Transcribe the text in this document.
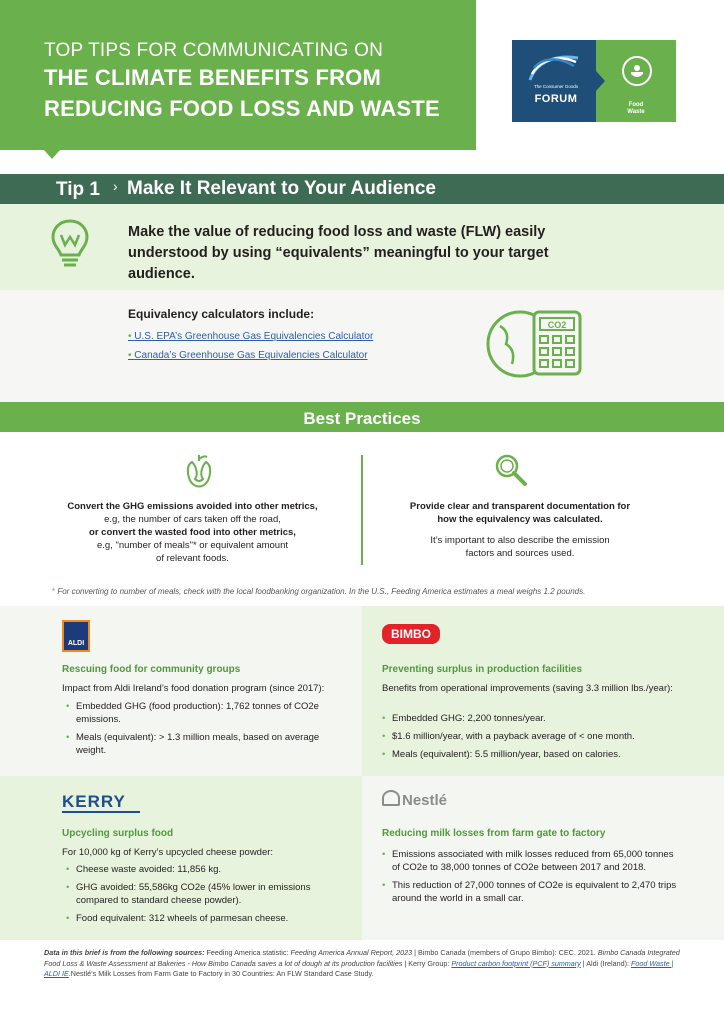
TOP TIPS FOR COMMUNICATING ON
THE CLIMATE BENEFITS FROM
REDUCING FOOD LOSS AND WASTE
The Consumer Goods
FORUM	Food Waste
Tip 1 › Make It Relevant to Your Audience
Make the value of reducing food loss and waste (FLW) easily understood by using “equivalents” meaningful to your target audience.
CO2
Equivalency calculators include:
• U.S. EPA’s Greenhouse Gas Equivalencies Calculator
• Canada’s Greenhouse Gas Equivalencies Calculator
Best Practices
Convert the GHG emissions avoided into other metrics,
e.g, the number of cars taken off the road,
or convert the wasted food into other metrics,
e.g, "number of meals"* or equivalent amount
of relevant foods.
Provide clear and transparent documentation for
how the equivalency was calculated.
It’s important to also describe the emission
factors and sources used.
* For converting to number of meals, check with the local foodbanking organization. In the U.S., Feeding America estimates a meal weighs 1.2 pounds.
ALDI
Rescuing food for community groups
Impact from Aldi Ireland’s food donation program (since 2017):
• Embedded GHG (food production): 1,762 tonnes of CO2e emissions.
• Meals (equivalent): > 1.3 million meals, based on average weight.
BIMBO
Preventing surplus in production facilities
Benefits from operational improvements (saving 3.3 million lbs./year):
• Embedded GHG: 2,200 tonnes/year.
• $1.6 million/year, with a payback average of < one month.
• Meals (equivalent): 5.5 million/year, based on calories.
KERRY
Upcycling surplus food
For 10,000 kg of Kerry’s upcycled cheese powder:
• Cheese waste avoided: 11,856 kg.
• GHG avoided: 55,586kg CO2e (45% lower in emissions compared to standard cheese powder).
• Food equivalent: 312 wheels of parmesan cheese.
Nestlé
Reducing milk losses from farm gate to factory
• Emissions associated with milk losses reduced from 65,000 tonnes of CO2e to 38,000 tonnes of CO2e between 2017 and 2018.
• This reduction of 27,000 tonnes of CO2e is equivalent to 2,470 trips around the world in a small car.
Data in this brief is from the following sources: Feeding America statistic: Feeding America Annual Report, 2023 | Bimbo Canada (members of Grupo Bimbo): CEC. 2021. Bimbo Canada Integrated Food Loss & Waste Assessment at Bakeries - How Bimbo Canada saves a lot of dough at its production facilities | Kerry Group: Product carbon footprint (PCF) summary | Aldi (Ireland): Food Waste | ALDI IE.Nestlé’s Milk Losses from Farm Gate to Factory in 30 Countries: An FLW Standard Case Study.
